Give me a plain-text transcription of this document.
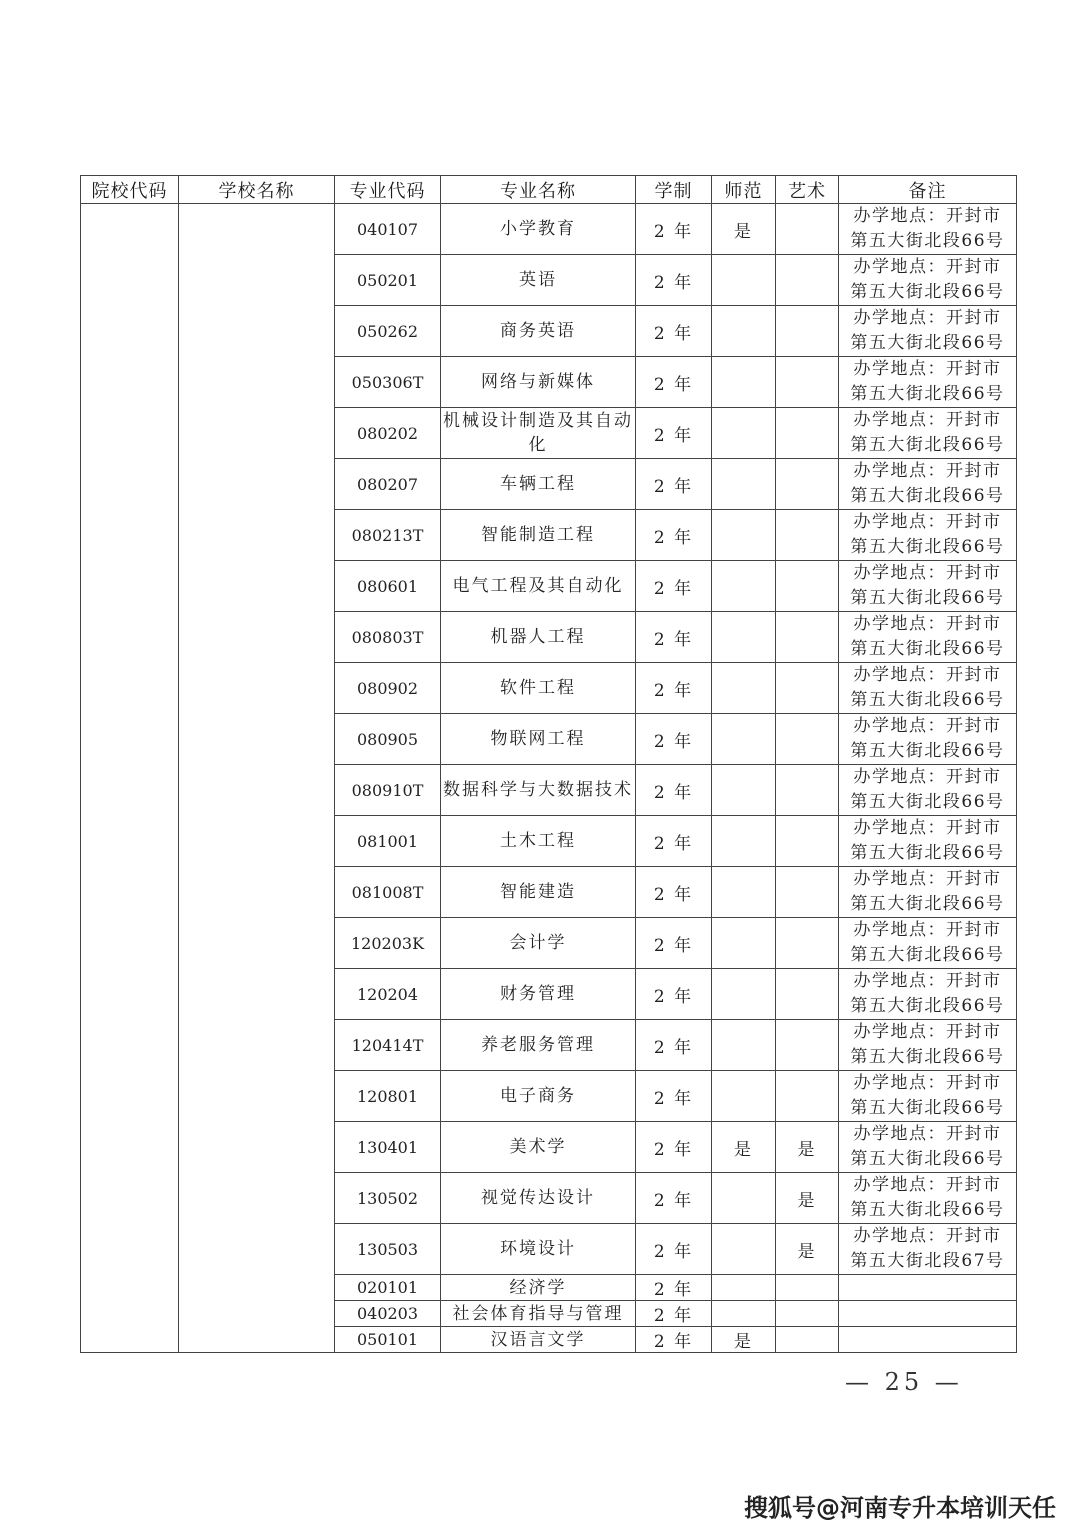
院校代码	学校名称	专业代码	专业名称	学制	师范	艺术	备注
		040107	小学教育	2 年	是		办学地点：开封市
第五大街北段66号

		050201	英语	2 年			办学地点：开封市
第五大街北段66号

		050262	商务英语	2 年			办学地点：开封市
第五大街北段66号

		050306T	网络与新媒体	2 年			办学地点：开封市
第五大街北段66号

		080202	机械设计制造及其自动化	2 年			办学地点：开封市
第五大街北段66号

		080207	车辆工程	2 年			办学地点：开封市
第五大街北段66号

		080213T	智能制造工程	2 年			办学地点：开封市
第五大街北段66号

		080601	电气工程及其自动化	2 年			办学地点：开封市
第五大街北段66号

		080803T	机器人工程	2 年			办学地点：开封市
第五大街北段66号

		080902	软件工程	2 年			办学地点：开封市
第五大街北段66号

		080905	物联网工程	2 年			办学地点：开封市
第五大街北段66号

		080910T	数据科学与大数据技术	2 年			办学地点：开封市
第五大街北段66号

		081001	土木工程	2 年			办学地点：开封市
第五大街北段66号

		081008T	智能建造	2 年			办学地点：开封市
第五大街北段66号

		120203K	会计学	2 年			办学地点：开封市
第五大街北段66号

		120204	财务管理	2 年			办学地点：开封市
第五大街北段66号

		120414T	养老服务管理	2 年			办学地点：开封市
第五大街北段66号

		120801	电子商务	2 年			办学地点：开封市
第五大街北段66号

		130401	美术学	2 年	是	是	办学地点：开封市
第五大街北段66号

		130502	视觉传达设计	2 年		是	办学地点：开封市
第五大街北段66号

		130503	环境设计	2 年		是	办学地点：开封市
第五大街北段67号

		020101	经济学	2 年			

		040203	社会体育指导与管理	2 年			

		050101	汉语言文学	2 年	是		
— 25 —
搜狐号@河南专升本培训天任
